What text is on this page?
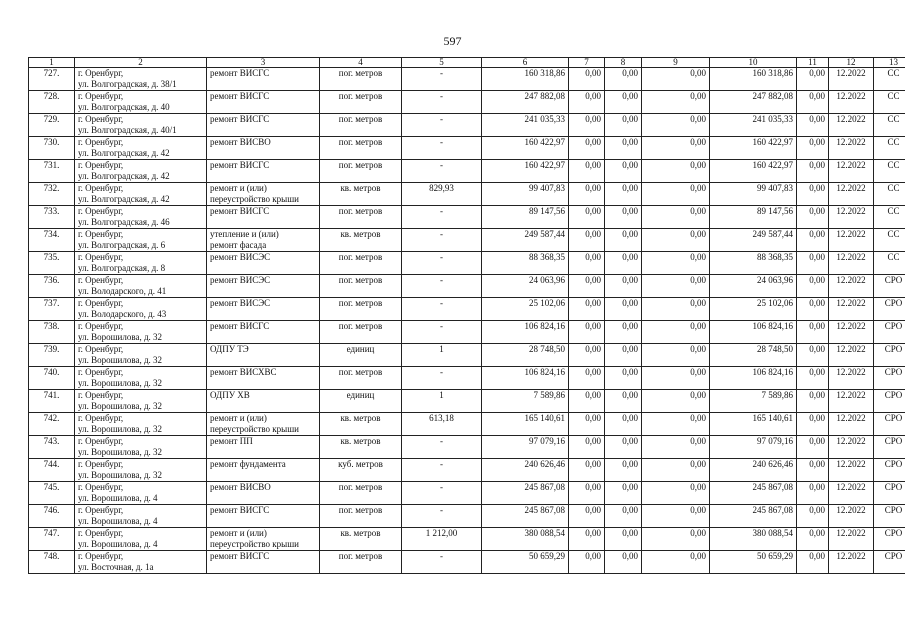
597
1	2	3	4	5	6	7	8	9	10	11	12	13
727.	г. Оренбург,
ул. Волгоградская, д. 38/1	ремонт ВИСГС	пог. метров	-	160 318,86	0,00	0,00	0,00	160 318,86	0,00	12.2022	СС
728.	г. Оренбург,
ул. Волгоградская, д. 40	ремонт ВИСГС	пог. метров	-	247 882,08	0,00	0,00	0,00	247 882,08	0,00	12.2022	СС
729.	г. Оренбург,
ул. Волгоградская, д. 40/1	ремонт ВИСГС	пог. метров	-	241 035,33	0,00	0,00	0,00	241 035,33	0,00	12.2022	СС
730.	г. Оренбург,
ул. Волгоградская, д. 42	ремонт ВИСВО	пог. метров	-	160 422,97	0,00	0,00	0,00	160 422,97	0,00	12.2022	СС
731.	г. Оренбург,
ул. Волгоградская, д. 42	ремонт ВИСГС	пог. метров	-	160 422,97	0,00	0,00	0,00	160 422,97	0,00	12.2022	СС
732.	г. Оренбург,
ул. Волгоградская, д. 42	ремонт и (или)
переустройство крыши	кв. метров	829,93	99 407,83	0,00	0,00	0,00	99 407,83	0,00	12.2022	СС
733.	г. Оренбург,
ул. Волгоградская, д. 46	ремонт ВИСГС	пог. метров	-	89 147,56	0,00	0,00	0,00	89 147,56	0,00	12.2022	СС
734.	г. Оренбург,
ул. Волгоградская, д. 6	утепление и (или)
ремонт фасада	кв. метров	-	249 587,44	0,00	0,00	0,00	249 587,44	0,00	12.2022	СС
735.	г. Оренбург,
ул. Волгоградская, д. 8	ремонт ВИСЭС	пог. метров	-	88 368,35	0,00	0,00	0,00	88 368,35	0,00	12.2022	СС
736.	г. Оренбург,
ул. Володарского, д. 41	ремонт ВИСЭС	пог. метров	-	24 063,96	0,00	0,00	0,00	24 063,96	0,00	12.2022	СРО
737.	г. Оренбург,
ул. Володарского, д. 43	ремонт ВИСЭС	пог. метров	-	25 102,06	0,00	0,00	0,00	25 102,06	0,00	12.2022	СРО
738.	г. Оренбург,
ул. Ворошилова, д. 32	ремонт ВИСГС	пог. метров	-	106 824,16	0,00	0,00	0,00	106 824,16	0,00	12.2022	СРО
739.	г. Оренбург,
ул. Ворошилова, д. 32	ОДПУ ТЭ	единиц	1	28 748,50	0,00	0,00	0,00	28 748,50	0,00	12.2022	СРО
740.	г. Оренбург,
ул. Ворошилова, д. 32	ремонт ВИСХВС	пог. метров	-	106 824,16	0,00	0,00	0,00	106 824,16	0,00	12.2022	СРО
741.	г. Оренбург,
ул. Ворошилова, д. 32	ОДПУ ХВ	единиц	1	7 589,86	0,00	0,00	0,00	7 589,86	0,00	12.2022	СРО
742.	г. Оренбург,
ул. Ворошилова, д. 32	ремонт и (или)
переустройство крыши	кв. метров	613,18	165 140,61	0,00	0,00	0,00	165 140,61	0,00	12.2022	СРО
743.	г. Оренбург,
ул. Ворошилова, д. 32	ремонт ПП	кв. метров	-	97 079,16	0,00	0,00	0,00	97 079,16	0,00	12.2022	СРО
744.	г. Оренбург,
ул. Ворошилова, д. 32	ремонт фундамента	куб. метров	-	240 626,46	0,00	0,00	0,00	240 626,46	0,00	12.2022	СРО
745.	г. Оренбург,
ул. Ворошилова, д. 4	ремонт ВИСВО	пог. метров	-	245 867,08	0,00	0,00	0,00	245 867,08	0,00	12.2022	СРО
746.	г. Оренбург,
ул. Ворошилова, д. 4	ремонт ВИСГС	пог. метров	-	245 867,08	0,00	0,00	0,00	245 867,08	0,00	12.2022	СРО
747.	г. Оренбург,
ул. Ворошилова, д. 4	ремонт и (или)
переустройство крыши	кв. метров	1 212,00	380 088,54	0,00	0,00	0,00	380 088,54	0,00	12.2022	СРО
748.	г. Оренбург,
ул. Восточная, д. 1а	ремонт ВИСГС	пог. метров	-	50 659,29	0,00	0,00	0,00	50 659,29	0,00	12.2022	СРО
